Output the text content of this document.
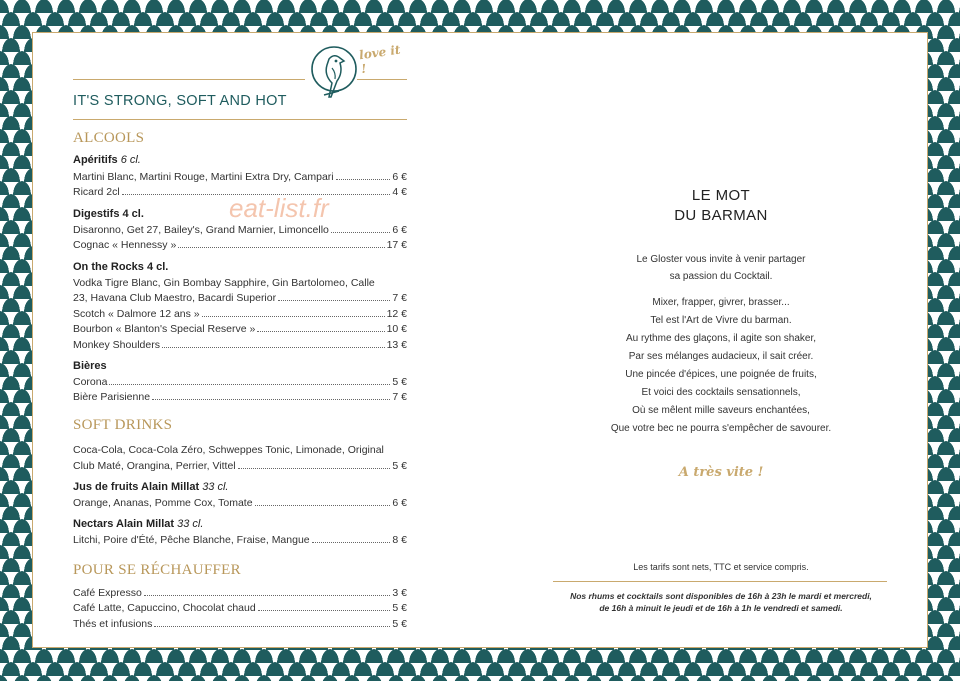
love it !
IT'S STRONG, SOFT AND HOT
eat-list.fr
ALCOOLS
Apéritifs 6 cl.
Martini Blanc, Martini Rouge, Martini Extra Dry, Campari	6 €
Ricard 2cl	4 €
Digestifs 4 cl.
Disaronno, Get 27, Bailey's, Grand Marnier, Limoncello	6 €
Cognac « Hennessy »	17 €
On the Rocks 4 cl.
Vodka Tigre Blanc, Gin Bombay Sapphire, Gin Bartolomeo, Calle
23, Havana Club Maestro, Bacardi Superior	7 €
Scotch « Dalmore 12 ans »	12 €
Bourbon « Blanton's Special Reserve »	10 €
Monkey Shoulders	13 €
Bières
Corona	5 €
Bière Parisienne	7 €
SOFT DRINKS
Coca-Cola, Coca-Cola Zéro, Schweppes Tonic, Limonade, Original
Club Maté, Orangina, Perrier, Vittel	5 €
Jus de fruits Alain Millat 33 cl.
Orange, Ananas, Pomme Cox, Tomate	6 €
Nectars Alain Millat 33 cl.
Litchi, Poire d'Été, Pêche Blanche, Fraise, Mangue	8 €
POUR SE RÉCHAUFFER
Café Expresso	3 €
Café Latte, Capuccino, Chocolat chaud	5 €
Thés et infusions	5 €
LE MOT
DU BARMAN
Le Gloster vous invite à venir partager
sa passion du Cocktail.
Mixer, frapper, givrer, brasser...
Tel est l'Art de Vivre du barman.
Au rythme des glaçons, il agite son shaker,
Par ses mélanges audacieux, il sait créer.
Une pincée d'épices, une poignée de fruits,
Et voici des cocktails sensationnels,
Où se mêlent mille saveurs enchantées,
Que votre bec ne pourra s'empêcher de savourer.
A très vite !
Les tarifs sont nets, TTC et service compris.
Nos rhums et cocktails sont disponibles de 16h à 23h le mardi et mercredi,
de 16h à minuit le jeudi et de 16h à 1h le vendredi et samedi.
